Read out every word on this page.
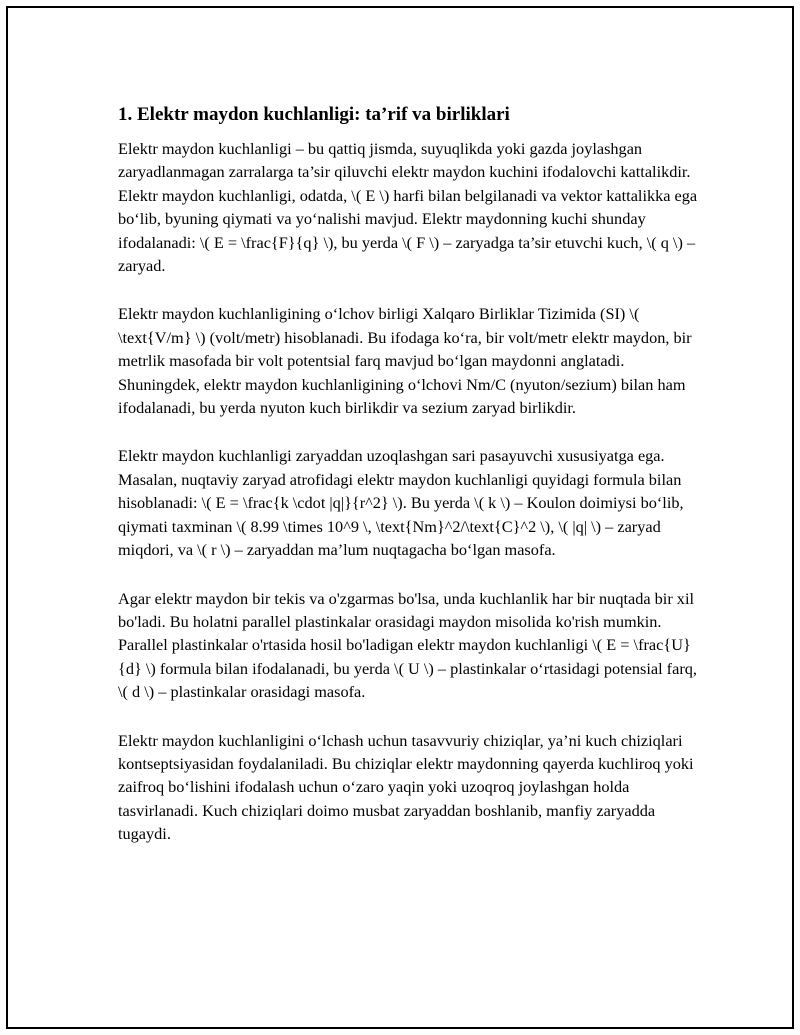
1. Elektr maydon kuchlanligi: ta’rif va birliklari

Elektr maydon kuchlanligi – bu qattiq jismda, suyuqlikda yoki gazda joylashgan zaryadlanmagan zarralarga ta’sir qiluvchi elektr maydon kuchini ifodalovchi kattalikdir. Elektr maydon kuchlanligi, odatda, \( E \) harfi bilan belgilanadi va vektor kattalikka ega bo‘lib, byuning qiymati va yo‘nalishi mavjud. Elektr maydonning kuchi shunday ifodalanadi: \( E = \frac{F}{q} \), bu yerda \( F \) – zaryadga ta’sir etuvchi kuch, \( q \) – zaryad.

Elektr maydon kuchlanligining o‘lchov birligi Xalqaro Birliklar Tizimida (SI) \( \text{V/m} \) (volt/metr) hisoblanadi. Bu ifodaga ko‘ra, bir volt/metr elektr maydon, bir metrlik masofada bir volt potentsial farq mavjud bo‘lgan maydonni anglatadi. Shuningdek, elektr maydon kuchlanligining o‘lchovi Nm/C (nyuton/sezium) bilan ham ifodalanadi, bu yerda nyuton kuch birlikdir va sezium zaryad birlikdir.

Elektr maydon kuchlanligi zaryaddan uzoqlashgan sari pasayuvchi xususiyatga ega. Masalan, nuqtaviy zaryad atrofidagi elektr maydon kuchlanligi quyidagi formula bilan hisoblanadi: \( E = \frac{k \cdot |q|}{r^2} \). Bu yerda \( k \) – Koulon doimiysi bo‘lib, qiymati taxminan \( 8.99 \times 10^9 \, \text{Nm}^2/\text{C}^2 \), \( |q| \) – zaryad miqdori, va \( r \) – zaryaddan ma’lum nuqtagacha bo‘lgan masofa.

Agar elektr maydon bir tekis va o'zgarmas bo'lsa, unda kuchlanlik har bir nuqtada bir xil bo'ladi. Bu holatni parallel plastinkalar orasidagi maydon misolida ko'rish mumkin. Parallel plastinkalar o'rtasida hosil bo'ladigan elektr maydon kuchlanligi \( E = \frac{U}{d} \) formula bilan ifodalanadi, bu yerda \( U \) – plastinkalar o‘rtasidagi potensial farq, \( d \) – plastinkalar orasidagi masofa.

Elektr maydon kuchlanligini o‘lchash uchun tasavvuriy chiziqlar, ya’ni kuch chiziqlari kontseptsiyasidan foydalaniladi. Bu chiziqlar elektr maydonning qayerda kuchliroq yoki zaifroq bo‘lishini ifodalash uchun o‘zaro yaqin yoki uzoqroq joylashgan holda tasvirlanadi. Kuch chiziqlari doimo musbat zaryaddan boshlanib, manfiy zaryadda tugaydi.
